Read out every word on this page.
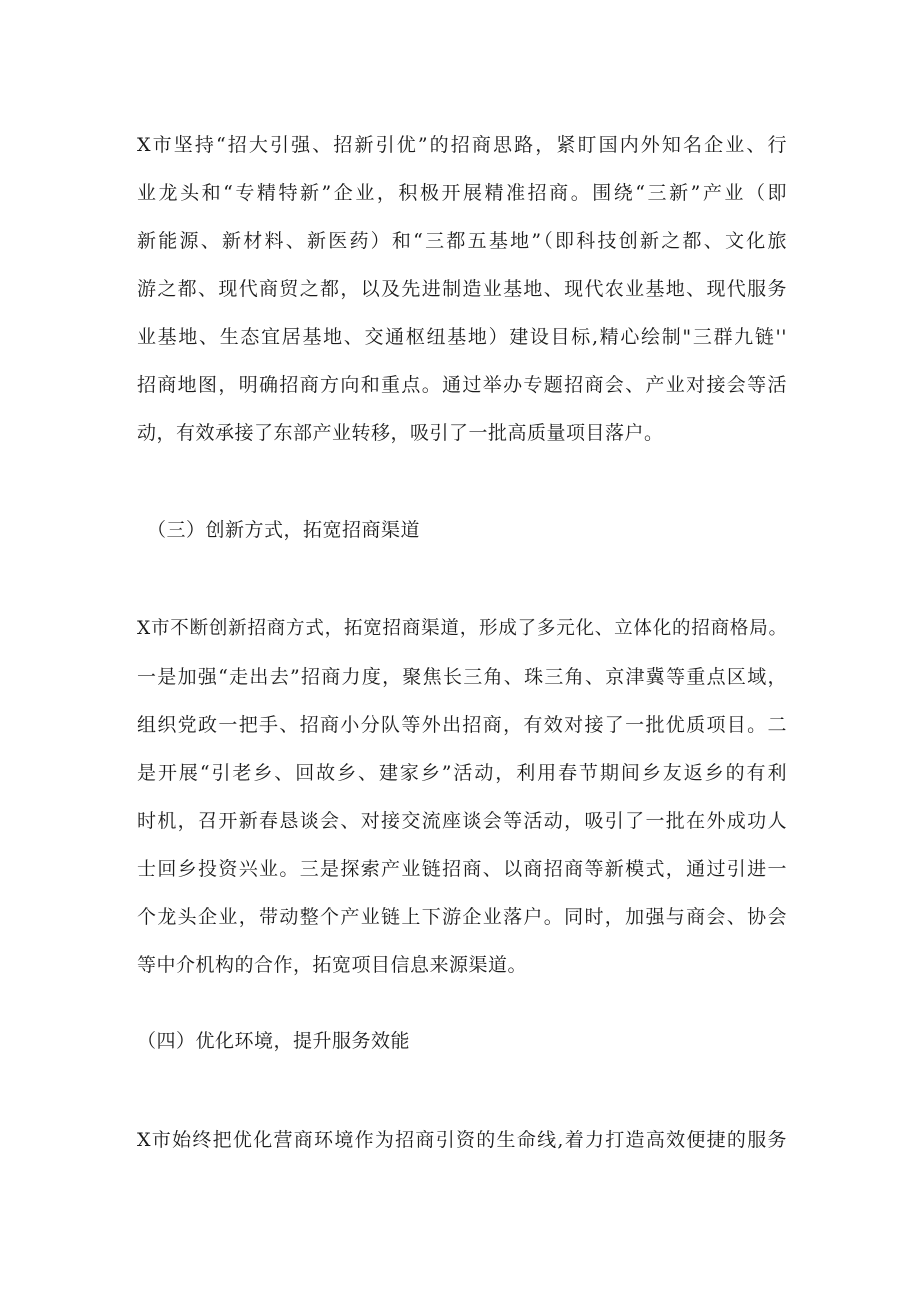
X市坚持“招大引强、招新引优”的招商思路，紧盯国内外知名企业、行
业龙头和“专精特新”企业，积极开展精准招商。围绕“三新”产业（即
新能源、新材料、新医药）和“三都五基地”（即科技创新之都、文化旅
游之都、现代商贸之都，以及先进制造业基地、现代农业基地、现代服务
业基地、生态宜居基地、交通枢纽基地）建设目标,精心绘制"三群九链''
招商地图，明确招商方向和重点。通过举办专题招商会、产业对接会等活
动，有效承接了东部产业转移，吸引了一批高质量项目落户。
（三）创新方式，拓宽招商渠道
X市不断创新招商方式，拓宽招商渠道，形成了多元化、立体化的招商格局。
一是加强“走出去”招商力度，聚焦长三角、珠三角、京津冀等重点区域，
组织党政一把手、招商小分队等外出招商，有效对接了一批优质项目。二
是开展“引老乡、回故乡、建家乡”活动，利用春节期间乡友返乡的有利
时机，召开新春恳谈会、对接交流座谈会等活动，吸引了一批在外成功人
士回乡投资兴业。三是探索产业链招商、以商招商等新模式，通过引进一
个龙头企业，带动整个产业链上下游企业落户。同时，加强与商会、协会
等中介机构的合作，拓宽项目信息来源渠道。
（四）优化环境，提升服务效能
X市始终把优化营商环境作为招商引资的生命线,着力打造高效便捷的服务
